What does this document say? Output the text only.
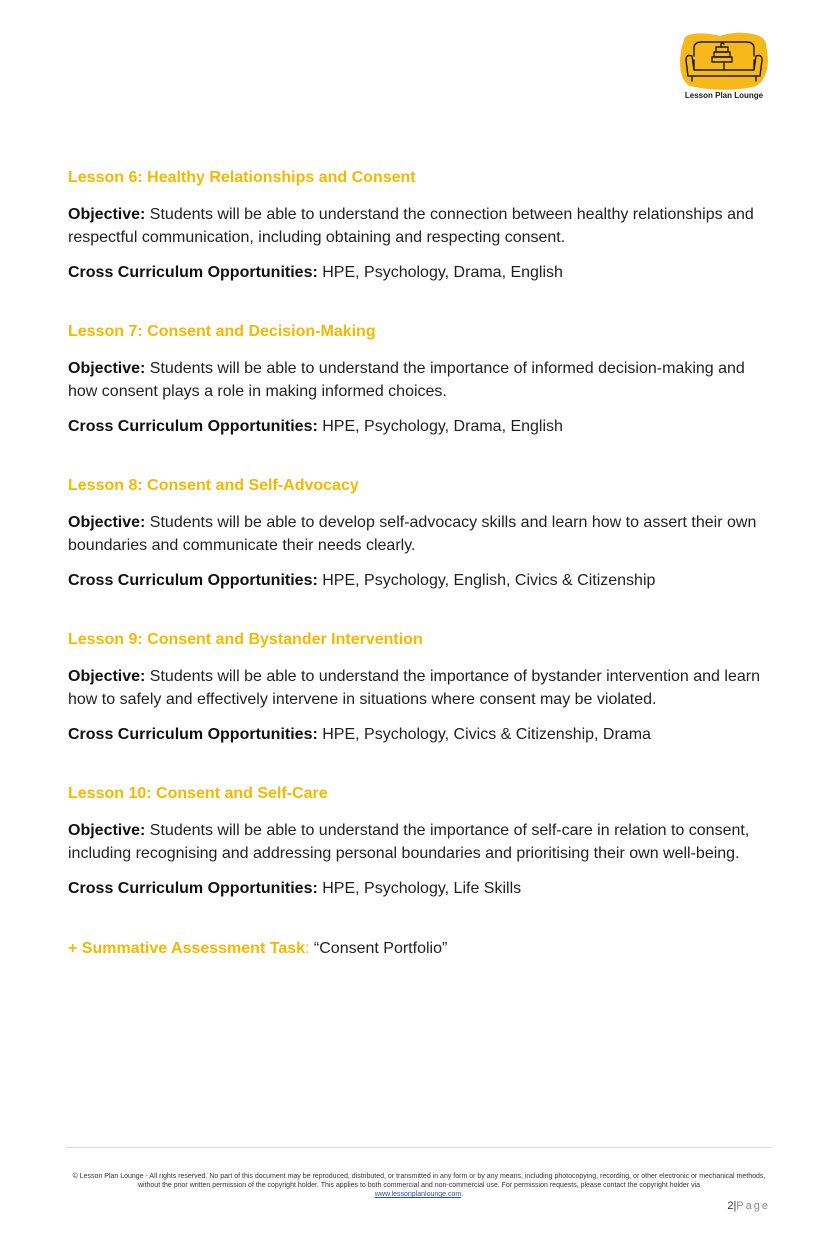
Lesson Plan Lounge
Lesson 6: Healthy Relationships and Consent

Objective: Students will be able to understand the connection between healthy relationships and respectful communication, including obtaining and respecting consent.

Cross Curriculum Opportunities: HPE, Psychology, Drama, English

Lesson 7: Consent and Decision-Making

Objective: Students will be able to understand the importance of informed decision-making and how consent plays a role in making informed choices.

Cross Curriculum Opportunities: HPE, Psychology, Drama, English

Lesson 8: Consent and Self-Advocacy

Objective: Students will be able to develop self-advocacy skills and learn how to assert their own boundaries and communicate their needs clearly.

Cross Curriculum Opportunities: HPE, Psychology, English, Civics & Citizenship

Lesson 9: Consent and Bystander Intervention

Objective: Students will be able to understand the importance of bystander intervention and learn how to safely and effectively intervene in situations where consent may be violated.

Cross Curriculum Opportunities: HPE, Psychology, Civics & Citizenship, Drama

Lesson 10: Consent and Self-Care

Objective: Students will be able to understand the importance of self-care in relation to consent, including recognising and addressing personal boundaries and prioritising their own well-being.

Cross Curriculum Opportunities: HPE, Psychology, Life Skills

+ Summative Assessment Task: “Consent Portfolio”
© Lesson Plan Lounge - All rights reserved. No part of this document may be reproduced, distributed, or transmitted in any form or by any means, including photocopying, recording, or other electronic or mechanical methods, without the prior written permission of the copyright holder. This applies to both commercial and non-commercial use. For permission requests, please contact the copyright holder via
www.lessonplanlounge.com.
2|Page
